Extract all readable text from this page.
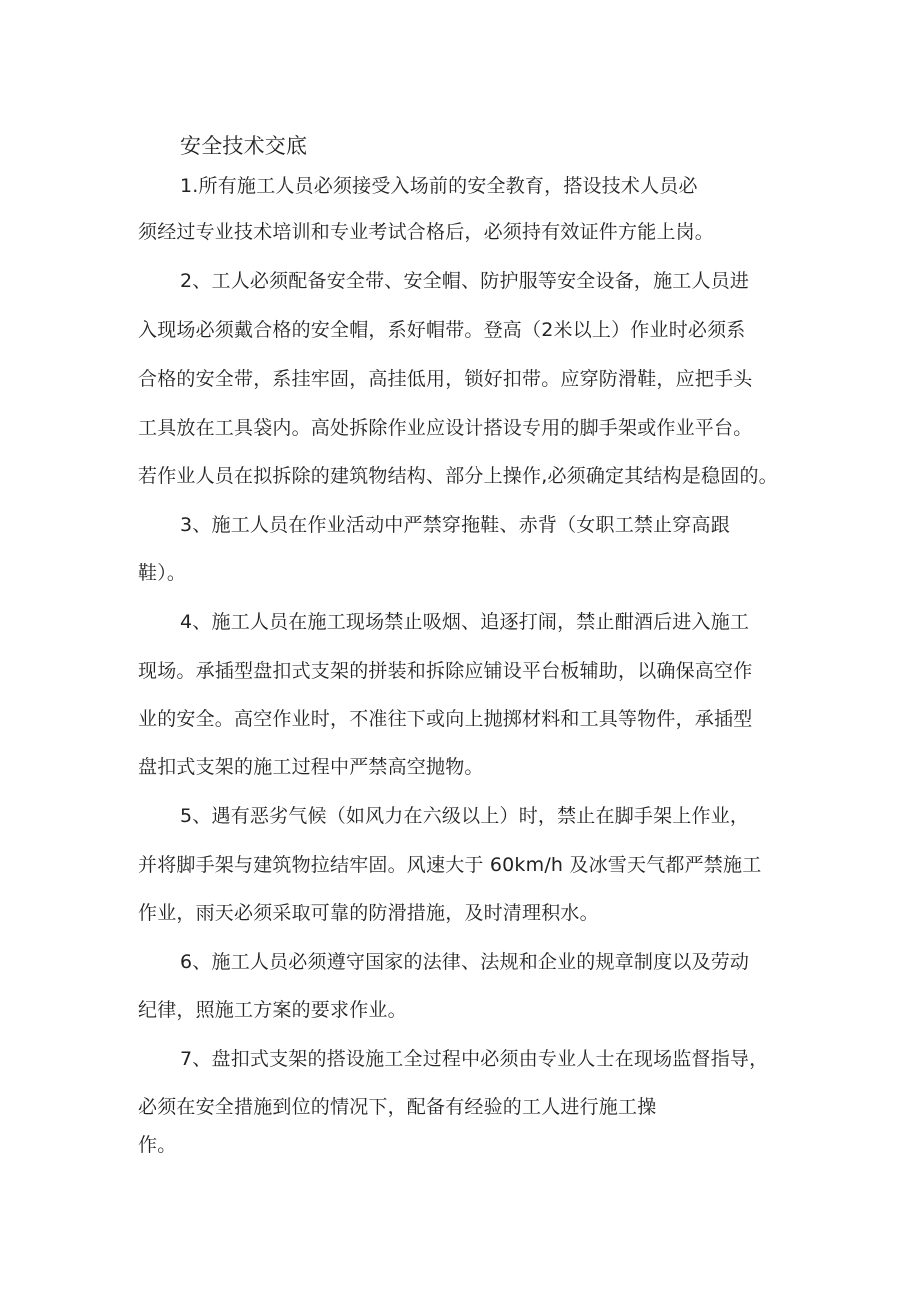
安全技术交底
1.所有施工人员必须接受入场前的安全教育，搭设技术人员必
须经过专业技术培训和专业考试合格后，必须持有效证件方能上岗。
2、工人必须配备安全带、安全帽、防护服等安全设备，施工人员进
入现场必须戴合格的安全帽，系好帽带。登高（2米以上）作业时必须系
合格的安全带，系挂牢固，高挂低用，锁好扣带。应穿防滑鞋，应把手头
工具放在工具袋内。高处拆除作业应设计搭设专用的脚手架或作业平台。
若作业人员在拟拆除的建筑物结构、部分上操作,必须确定其结构是稳固的。
3、施工人员在作业活动中严禁穿拖鞋、赤背（女职工禁止穿高跟
鞋）。
4、施工人员在施工现场禁止吸烟、追逐打闹，禁止酣酒后进入施工
现场。承插型盘扣式支架的拼装和拆除应铺设平台板辅助，以确保高空作
业的安全。高空作业时，不准往下或向上抛掷材料和工具等物件，承插型
盘扣式支架的施工过程中严禁高空抛物。
5、遇有恶劣气候（如风力在六级以上）时，禁止在脚手架上作业，
并将脚手架与建筑物拉结牢固。风速大于 60km/h 及冰雪天气都严禁施工
作业，雨天必须采取可靠的防滑措施，及时清理积水。
6、施工人员必须遵守国家的法律、法规和企业的规章制度以及劳动
纪律，照施工方案的要求作业。
7、盘扣式支架的搭设施工全过程中必须由专业人士在现场监督指导，
必须在安全措施到位的情况下，配备有经验的工人进行施工操
作。
